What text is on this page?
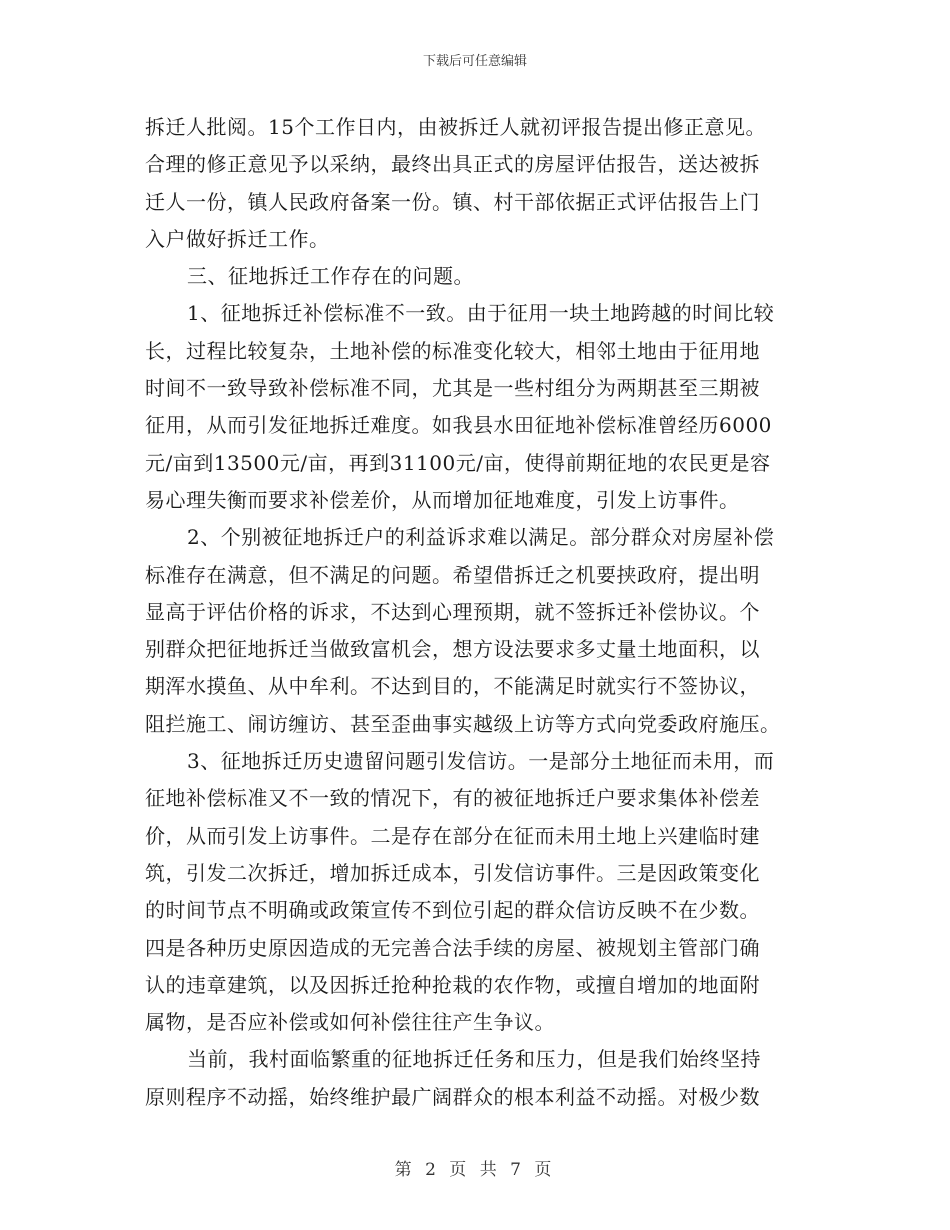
下载后可任意编辑
拆迁人批阅。15个工作日内，由被拆迁人就初评报告提出修正意见。
合理的修正意见予以采纳，最终出具正式的房屋评估报告，送达被拆
迁人一份，镇人民政府备案一份。镇、村干部依据正式评估报告上门
入户做好拆迁工作。
三、征地拆迁工作存在的问题。
1、征地拆迁补偿标准不一致。由于征用一块土地跨越的时间比较
长，过程比较复杂，土地补偿的标准变化较大，相邻土地由于征用地
时间不一致导致补偿标准不同，尤其是一些村组分为两期甚至三期被
征用，从而引发征地拆迁难度。如我县水田征地补偿标准曾经历6000
元/亩到13500元/亩，再到31100元/亩，使得前期征地的农民更是容
易心理失衡而要求补偿差价，从而增加征地难度，引发上访事件。
2、个别被征地拆迁户的利益诉求难以满足。部分群众对房屋补偿
标准存在满意，但不满足的问题。希望借拆迁之机要挟政府，提出明
显高于评估价格的诉求，不达到心理预期，就不签拆迁补偿协议。个
别群众把征地拆迁当做致富机会，想方设法要求多丈量土地面积，以
期浑水摸鱼、从中牟利。不达到目的，不能满足时就实行不签协议，
阻拦施工、闹访缠访、甚至歪曲事实越级上访等方式向党委政府施压。
3、征地拆迁历史遗留问题引发信访。一是部分土地征而未用，而
征地补偿标准又不一致的情况下，有的被征地拆迁户要求集体补偿差
价，从而引发上访事件。二是存在部分在征而未用土地上兴建临时建
筑，引发二次拆迁，增加拆迁成本，引发信访事件。三是因政策变化
的时间节点不明确或政策宣传不到位引起的群众信访反映不在少数。
四是各种历史原因造成的无完善合法手续的房屋、被规划主管部门确
认的违章建筑，以及因拆迁抢种抢栽的农作物，或擅自增加的地面附
属物，是否应补偿或如何补偿往往产生争议。
当前，我村面临繁重的征地拆迁任务和压力，但是我们始终坚持
原则程序不动摇，始终维护最广阔群众的根本利益不动摇。对极少数
第 2 页 共 7 页
